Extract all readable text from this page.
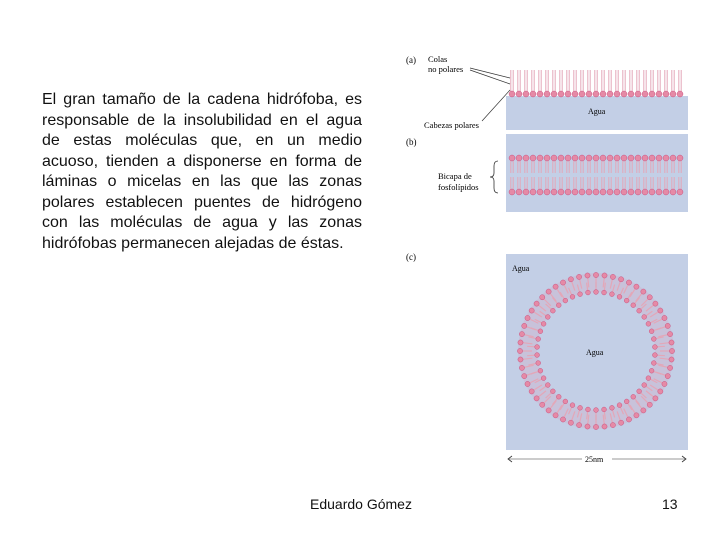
El gran tamaño de la cadena hidrófoba, es responsable de la insolubilidad en el agua de estas moléculas que, en un medio acuoso, tienden a disponerse en forma de láminas o micelas en las que las zonas polares establecen puentes de hidrógeno con las moléculas de agua y las zonas hidrófobas permanecen alejadas de éstas.

(a) Colas
no polares
Agua
Cabezas polares
(b)
Bicapa de
fosfolípidos
(c)
Agua
Agua
25nm
Eduardo Gómez	13
